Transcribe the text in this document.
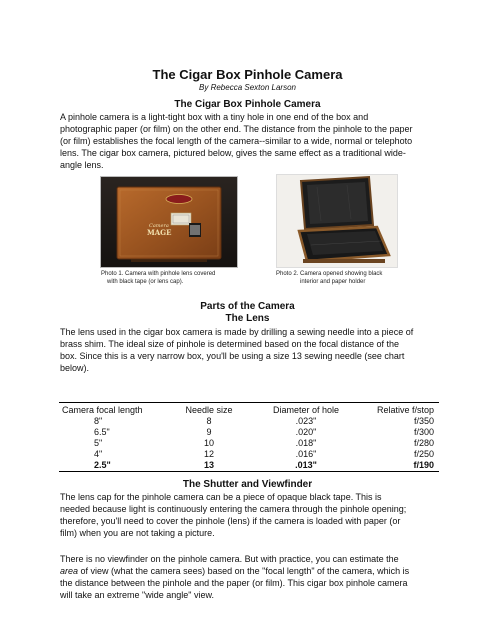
The Cigar Box Pinhole Camera
By Rebecca Sexton Larson
The Cigar Box Pinhole Camera
A pinhole camera is a light-tight box with a tiny hole in one end of the box and
photographic paper (or film) on the other end. The distance from the pinhole to the paper
(or film) establishes the focal length of the camera--similar to a wide, normal or telephoto
lens. The cigar box camera, pictured below, gives the same effect as a traditional wide-
angle lens.
Camera
MAGE
Photo 1. Camera with pinhole lens covered
with black tape (or lens cap).
Photo 2. Camera opened showing black
interior and paper holder
Parts of the Camera
The Lens
The lens used in the cigar box camera is made by drilling a sewing needle into a piece of
brass shim. The ideal size of pinhole is determined based on the focal distance of the
box. Since this is a very narrow box, you'll be using a size 13 sewing needle (see chart
below).
Camera focal length	Needle size	Diameter of hole	Relative f/stop
8"	8	.023"	f/350
6.5"	9	.020"	f/300
5"	10	.018"	f/280
4"	12	.016"	f/250
2.5"	13	.013"	f/190
The Shutter and Viewfinder
The lens cap for the pinhole camera can be a piece of opaque black tape. This is
needed because light is continuously entering the camera through the pinhole opening;
therefore, you'll need to cover the pinhole (lens) if the camera is loaded with paper (or
film) when you are not taking a picture.
There is no viewfinder on the pinhole camera. But with practice, you can estimate the
area of view (what the camera sees) based on the "focal length" of the camera, which is
the distance between the pinhole and the paper (or film). This cigar box pinhole camera
will take an extreme "wide angle" view.
